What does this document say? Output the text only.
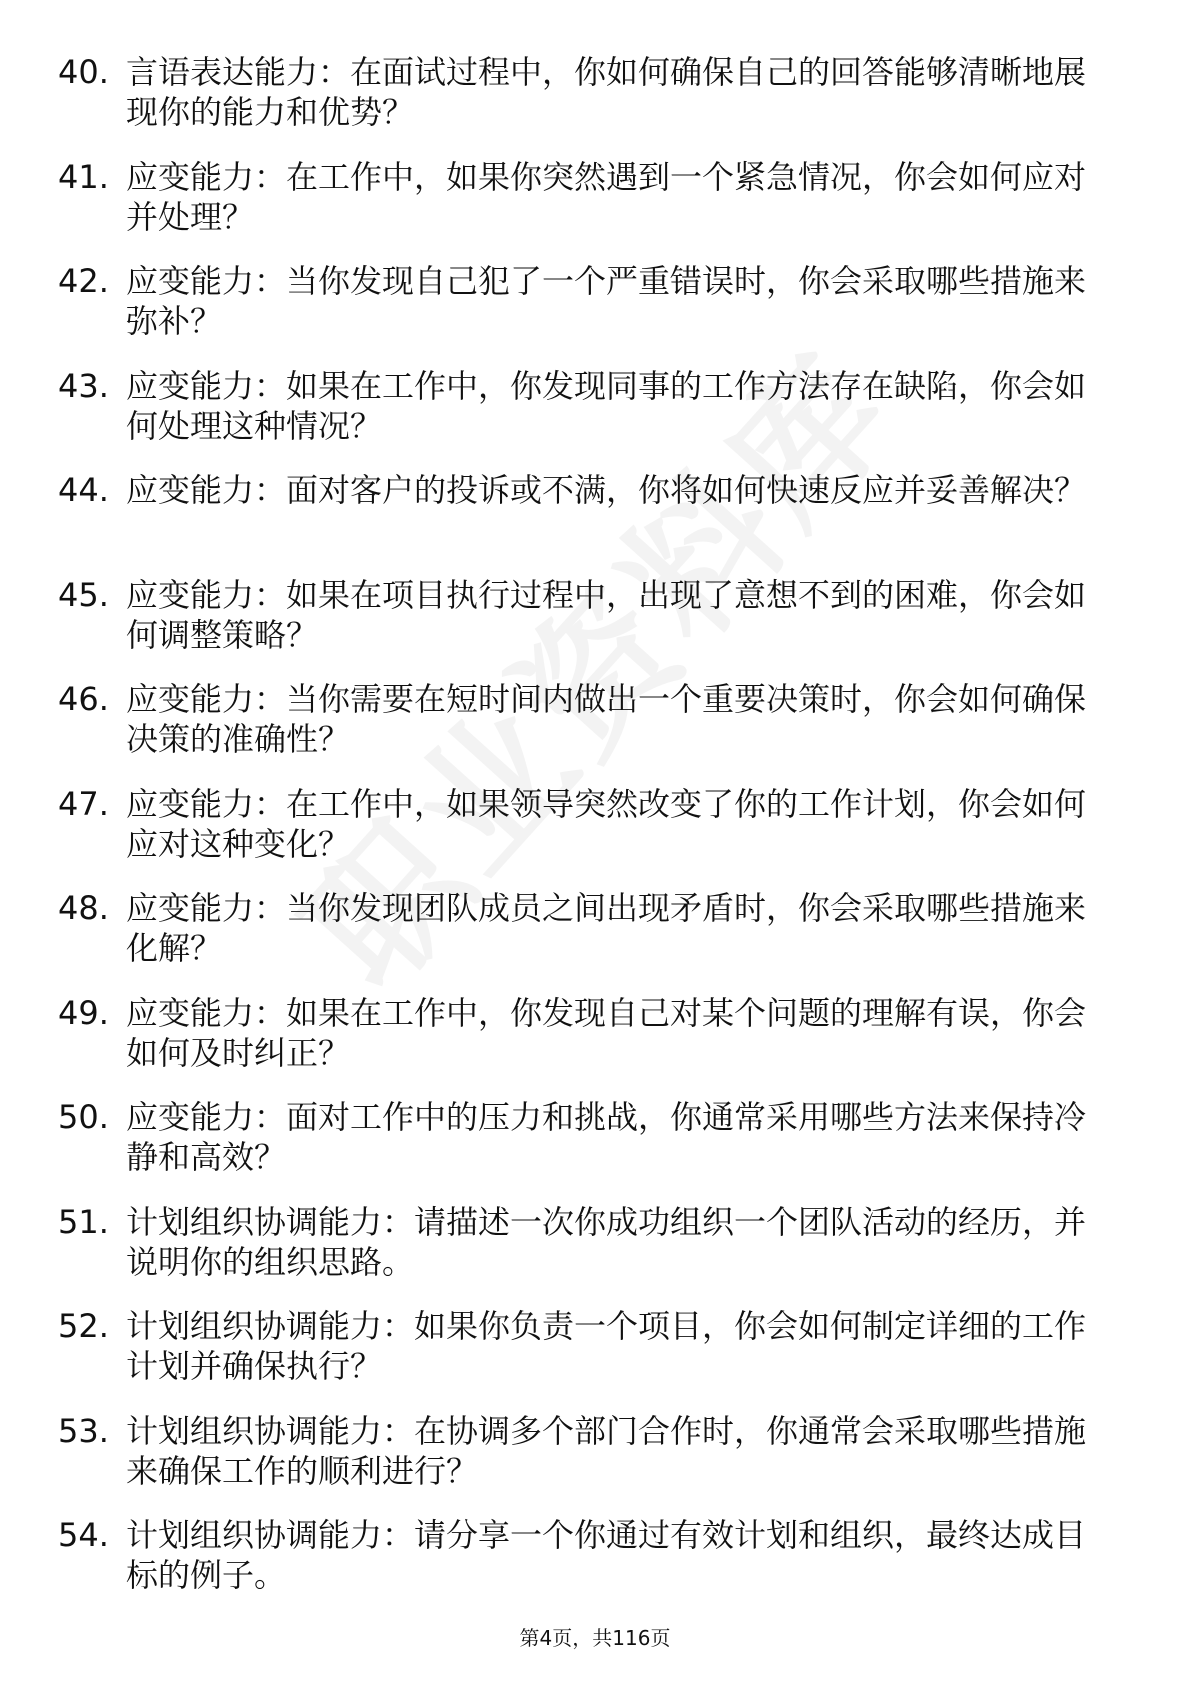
40. 言语表达能力：在面试过程中，你如何确保自己的回答能够清晰地展现你的能力和优势？
41. 应变能力：在工作中，如果你突然遇到一个紧急情况，你会如何应对并处理？
42. 应变能力：当你发现自己犯了一个严重错误时，你会采取哪些措施来弥补？
43. 应变能力：如果在工作中，你发现同事的工作方法存在缺陷，你会如何处理这种情况？
44. 应变能力：面对客户的投诉或不满，你将如何快速反应并妥善解决？
45. 应变能力：如果在项目执行过程中，出现了意想不到的困难，你会如何调整策略？
46. 应变能力：当你需要在短时间内做出一个重要决策时，你会如何确保决策的准确性？
47. 应变能力：在工作中，如果领导突然改变了你的工作计划，你会如何应对这种变化？
48. 应变能力：当你发现团队成员之间出现矛盾时，你会采取哪些措施来化解？
49. 应变能力：如果在工作中，你发现自己对某个问题的理解有误，你会如何及时纠正？
50. 应变能力：面对工作中的压力和挑战，你通常采用哪些方法来保持冷静和高效？
51. 计划组织协调能力：请描述一次你成功组织一个团队活动的经历，并说明你的组织思路。
52. 计划组织协调能力：如果你负责一个项目，你会如何制定详细的工作计划并确保执行？
53. 计划组织协调能力：在协调多个部门合作时，你通常会采取哪些措施来确保工作的顺利进行？
54. 计划组织协调能力：请分享一个你通过有效计划和组织，最终达成目标的例子。
第4页，共116页
